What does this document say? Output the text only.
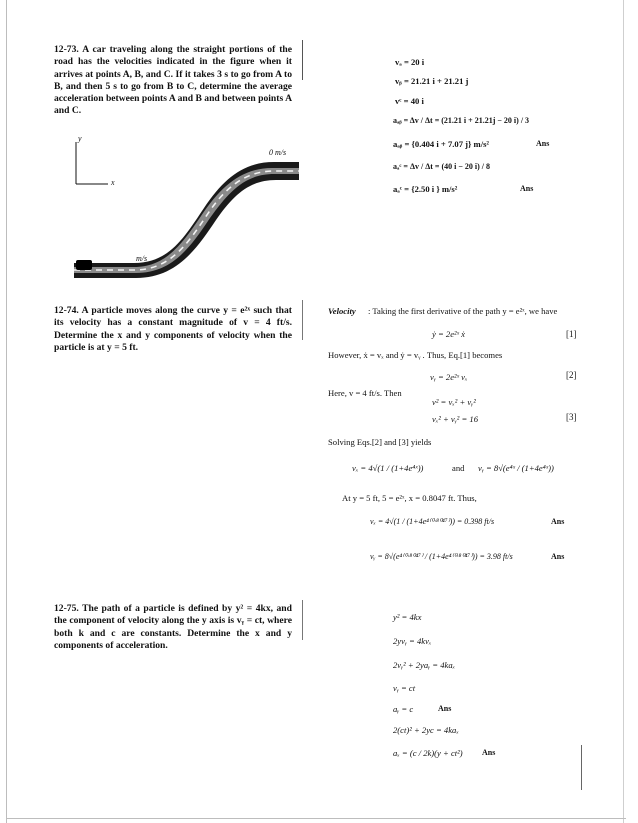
12-73. A car traveling along the straight portions of the road has the velocities indicated in the figure when it arrives at points A, B, and C. If it takes 3 s to go from A to B, and then 5 s to go from B to C, determine the average acceleration between points A and B and between points A and C.
y
x
0 m/s
m/s
vₐ = 20 i
vᵦ = 21.21 i + 21.21 j
vᶜ = 40 i
aₐᵦ = Δv / Δt = (21.21 i + 21.21j − 20 i) / 3
aₐᵦ = {0.404 i + 7.07 j} m/s²	Ans
aₐᶜ = Δv / Δt = (40 i − 20 i) / 8
aₐᶜ = {2.50 i } m/s²	Ans
12-74. A particle moves along the curve y = e²ˣ such that its velocity has a constant magnitude of v = 4 ft/s. Determine the x and y components of velocity when the particle is at y = 5 ft.
Velocity : Taking the first derivative of the path y = e²ˣ, we have
ẏ = 2e²ˣ ẋ	[1]
However, ẋ = vₓ and ẏ = vᵧ . Thus, Eq.[1] becomes
vᵧ = 2e²ˣ vₓ	[2]
Here, v = 4 ft/s. Then
v² = vₓ² + vᵧ²
vₓ² + vᵧ² = 16	[3]
Solving Eqs.[2] and [3] yields
vₓ = 4√(1 / (1+4e⁴ˣ))	and vᵧ = 8√(e⁴ˣ / (1+4e⁴ˣ))
At y = 5 ft, 5 = e²ˣ, x = 0.8047 ft. Thus,
vₓ = 4√(1 / (1+4e⁴⁽⁰·⁸⁰⁴⁷⁾)) = 0.398 ft/s	Ans
vᵧ = 8√(e⁴⁽⁰·⁸⁰⁴⁷⁾ / (1+4e⁴⁽⁰·⁸⁰⁴⁷⁾)) = 3.98 ft/s	Ans
12-75. The path of a particle is defined by y² = 4kx, and the component of velocity along the y axis is vᵧ = ct, where both k and c are constants. Determine the x and y components of acceleration.
y² = 4kx
2yvᵧ = 4kvₓ
2vᵧ² + 2yaᵧ = 4kaₓ
vᵧ = ct
aᵧ = c	Ans
2(ct)² + 2yc = 4kaₓ
aₓ = (c / 2k)(y + ct²) Ans
